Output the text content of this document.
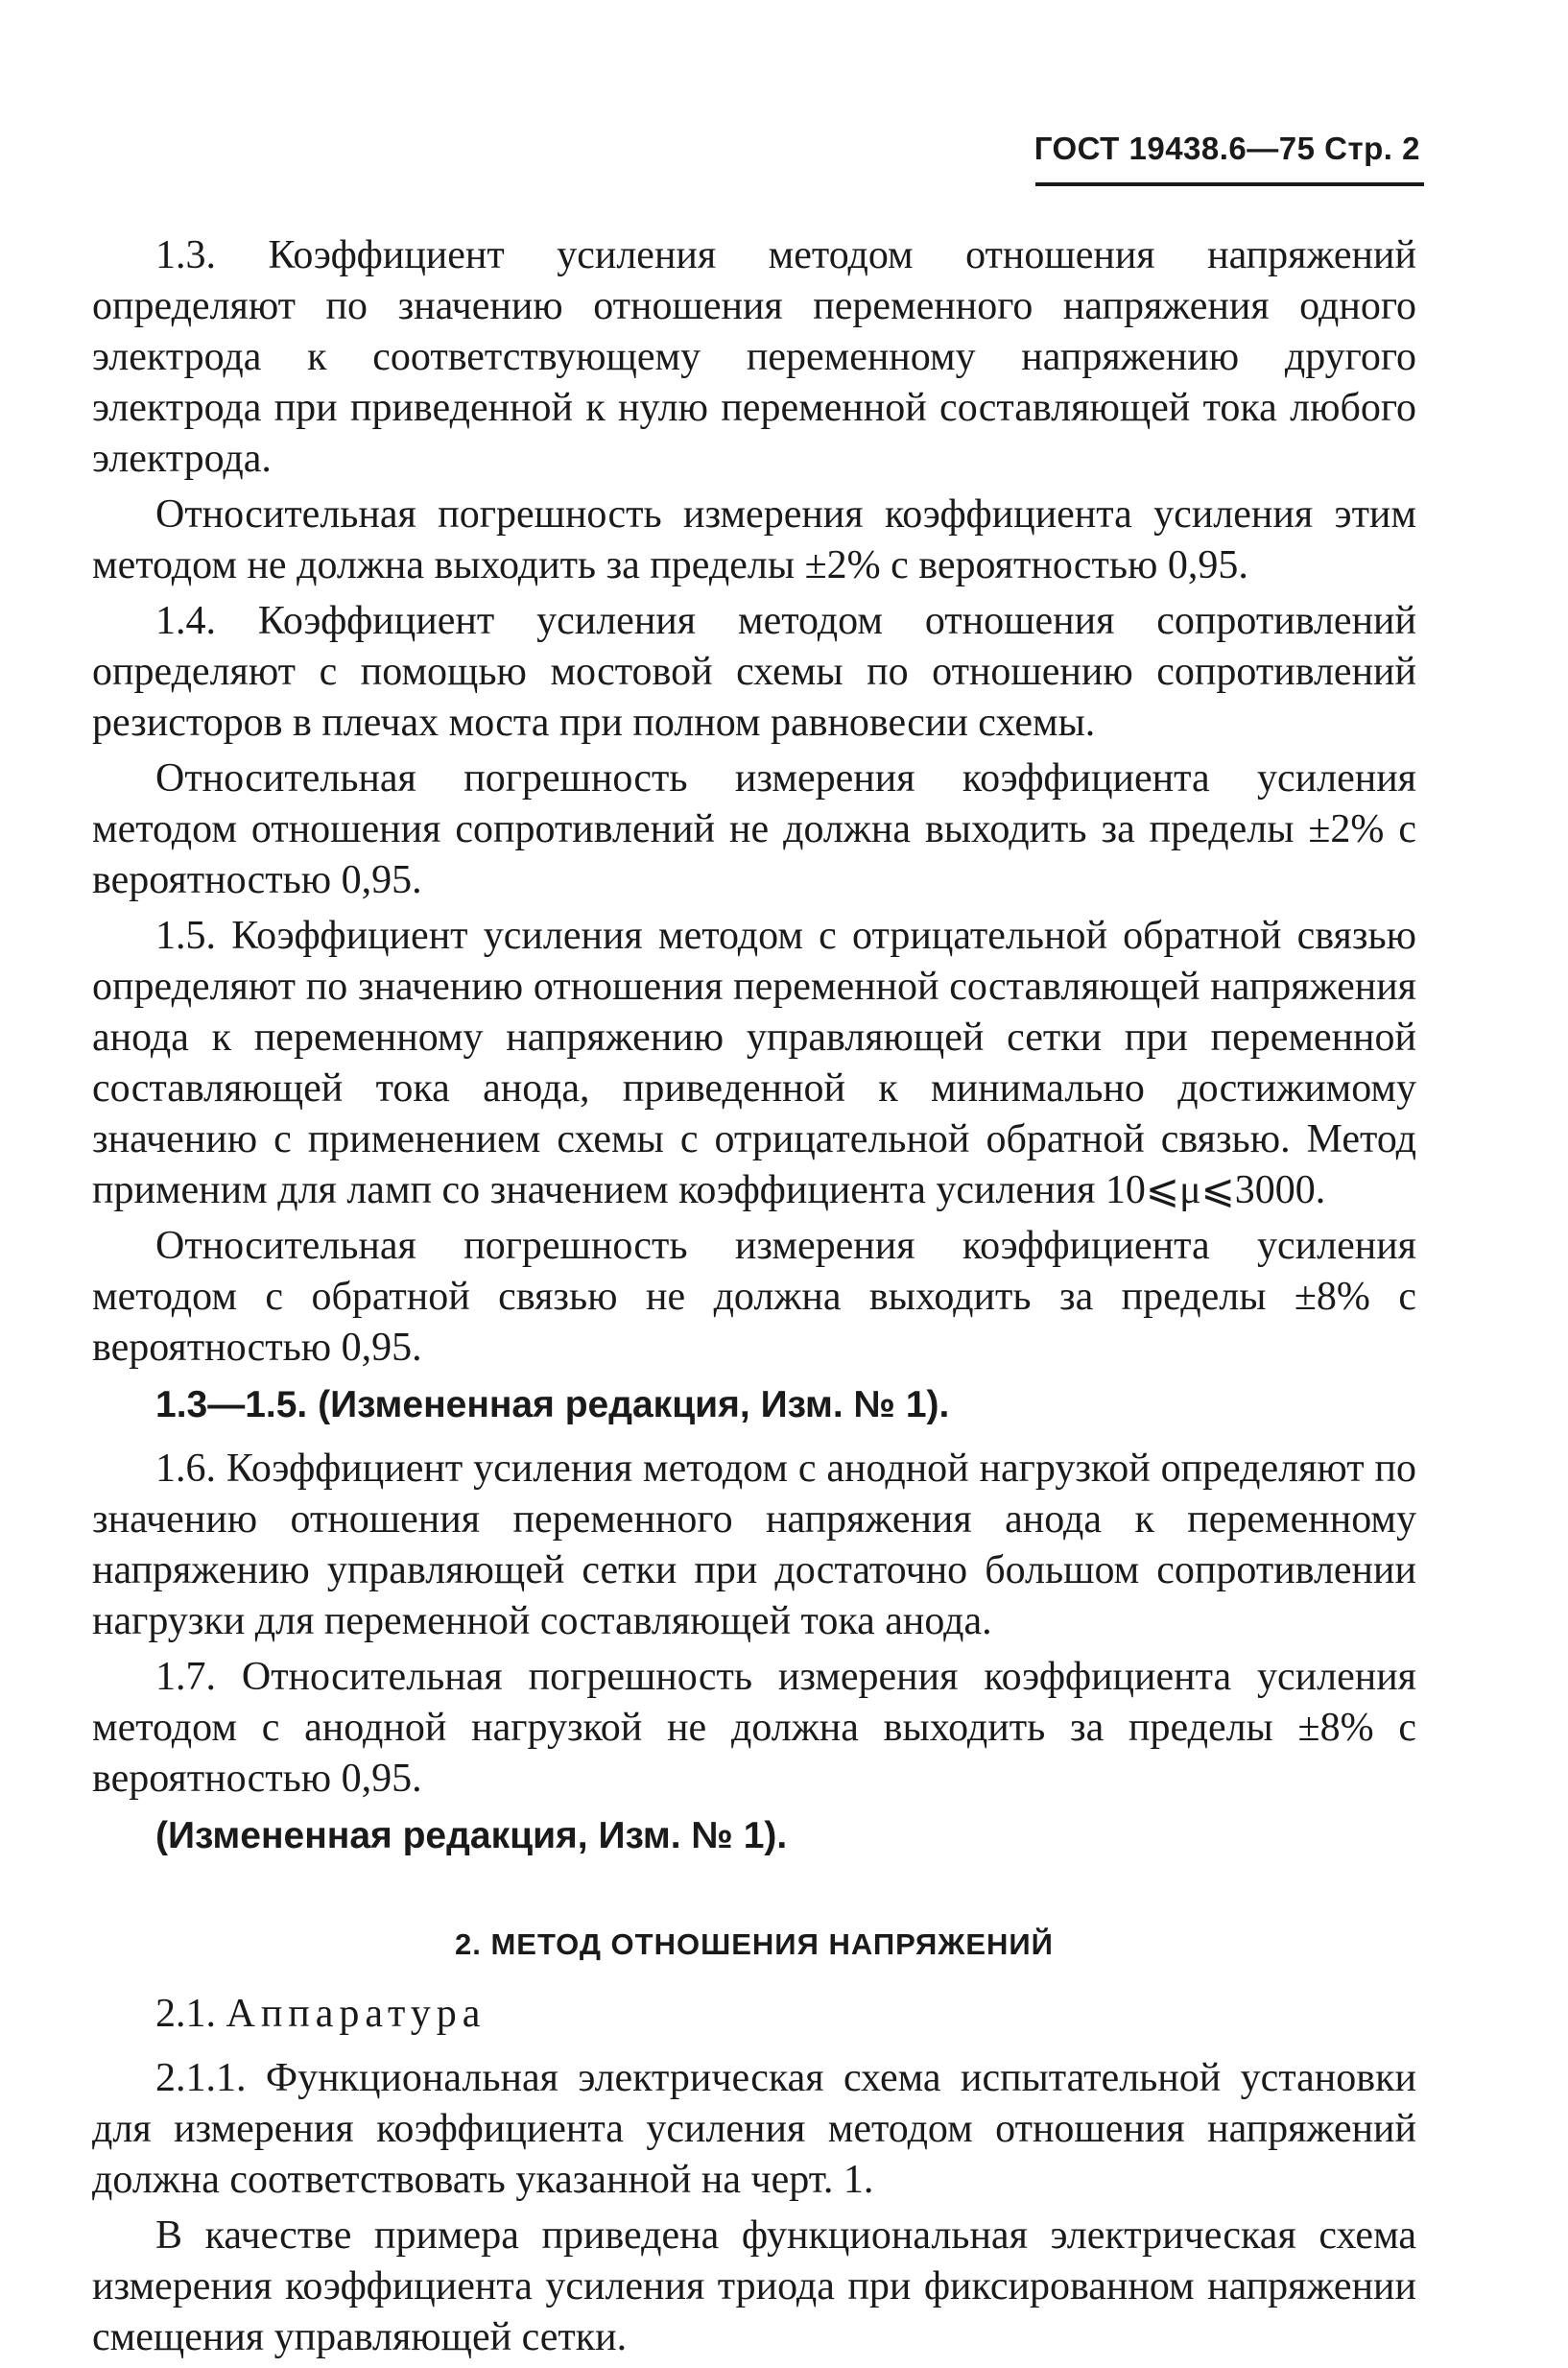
ГОСТ 19438.6—75 Стр. 2

1.3. Коэффициент усиления методом отношения напряжений определяют по значению отношения переменного напряжения одного электрода к соответствующему переменному напряжению другого электрода при приведенной к нулю переменной составляющей тока любого электрода.

Относительная погрешность измерения коэффициента усиления этим методом не должна выходить за пределы ±2% с вероятностью 0,95.

1.4. Коэффициент усиления методом отношения сопротивлений определяют с помощью мостовой схемы по отношению сопротивлений резисторов в плечах моста при полном равновесии схемы.

Относительная погрешность измерения коэффициента усиления методом отношения сопротивлений не должна выходить за пределы ±2% с вероятностью 0,95.

1.5. Коэффициент усиления методом с отрицательной обратной связью определяют по значению отношения переменной составляющей напряжения анода к переменному напряжению управляющей сетки при переменной составляющей тока анода, приведенной к минимально достижимому значению с применением схемы с отрицательной обратной связью. Метод применим для ламп со значением коэффициента усиления 10⩽μ⩽3000.

Относительная погрешность измерения коэффициента усиления методом с обратной связью не должна выходить за пределы ±8% с вероятностью 0,95.

1.3—1.5. (Измененная редакция, Изм. № 1).

1.6. Коэффициент усиления методом с анодной нагрузкой определяют по значению отношения переменного напряжения анода к переменному напряжению управляющей сетки при достаточно большом сопротивлении нагрузки для переменной составляющей тока анода.

1.7. Относительная погрешность измерения коэффициента усиления методом с анодной нагрузкой не должна выходить за пределы ±8% с вероятностью 0,95.

(Измененная редакция, Изм. № 1).
2. МЕТОД ОТНОШЕНИЯ НАПРЯЖЕНИЙ
2.1. Аппаратура

2.1.1. Функциональная электрическая схема испытательной установки для измерения коэффициента усиления методом отношения напряжений должна соответствовать указанной на черт. 1.

В качестве примера приведена функциональная электрическая схема измерения коэффициента усиления триода при фиксированном напряжении смещения управляющей сетки.
